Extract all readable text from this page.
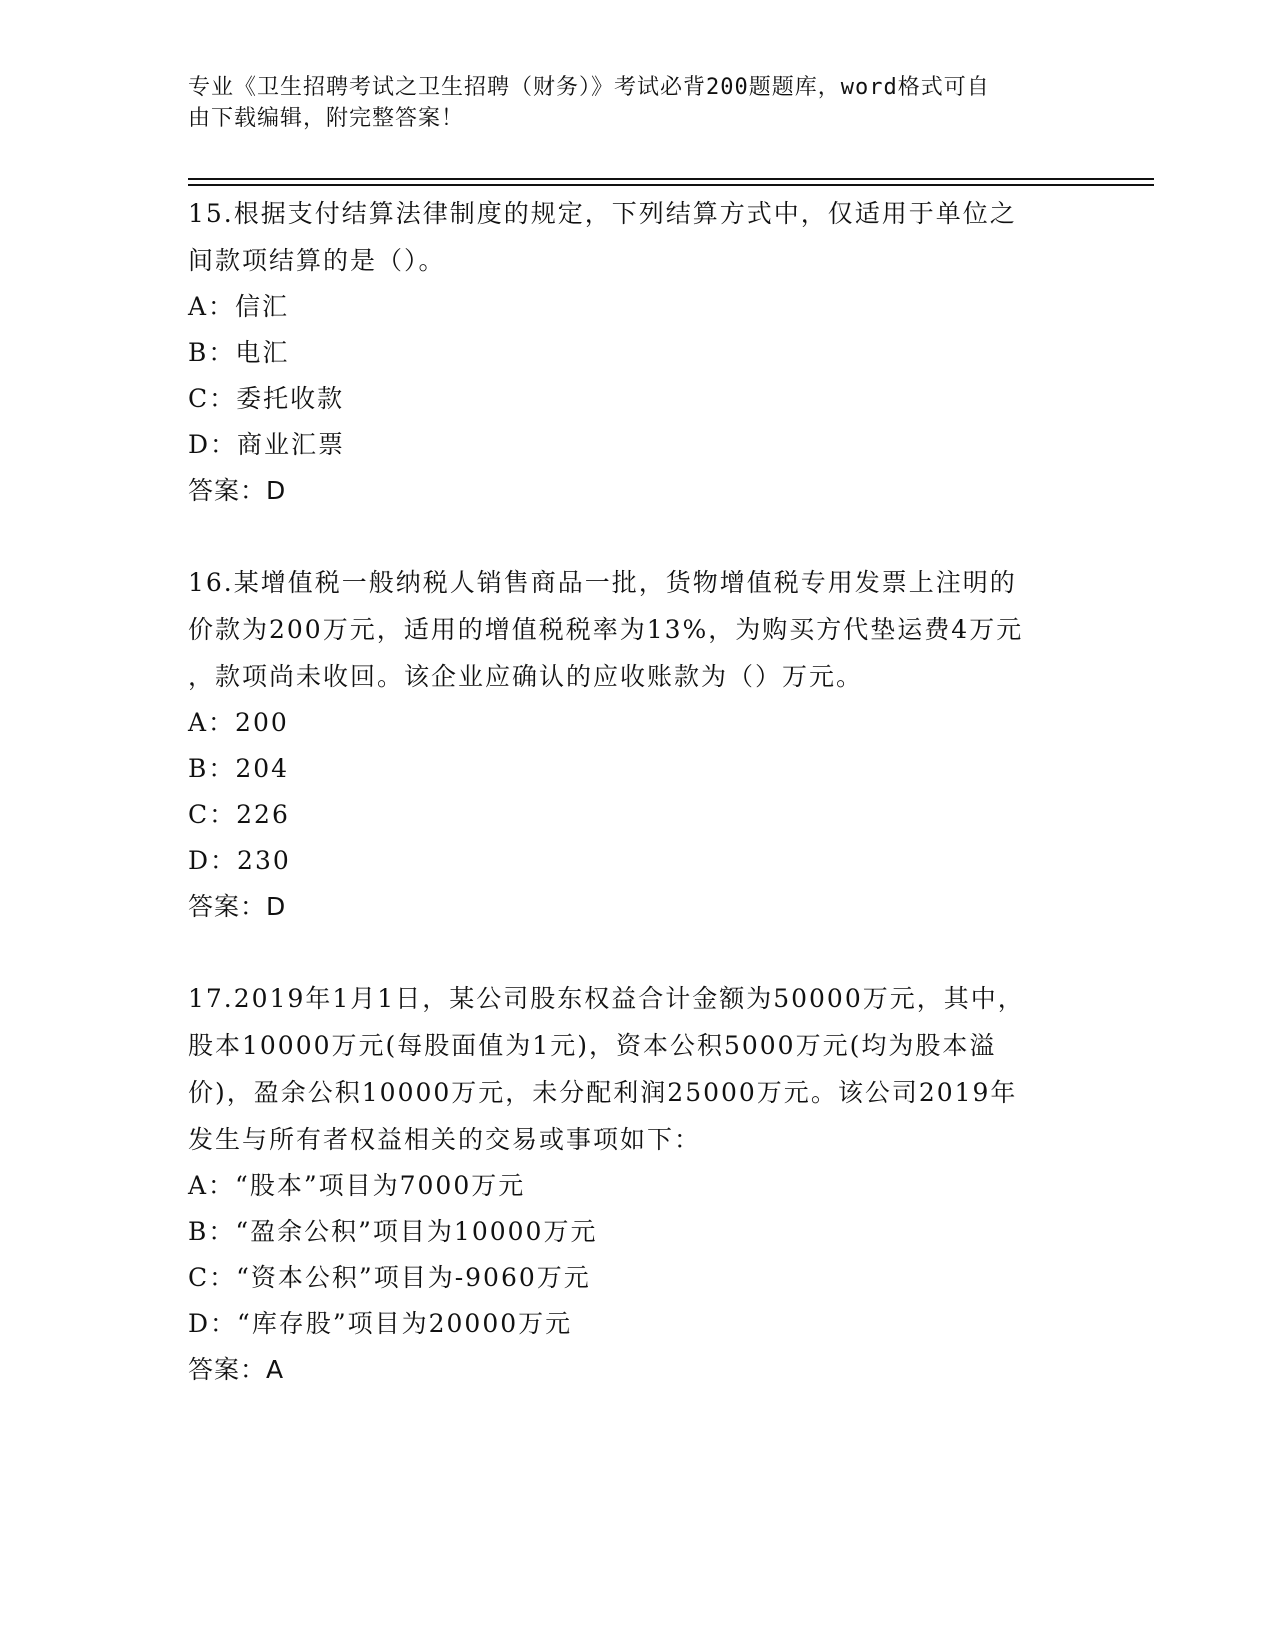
专业《卫生招聘考试之卫生招聘（财务）》考试必背200题题库，word格式可自
由下载编辑，附完整答案！

15.根据支付结算法律制度的规定，下列结算方式中，仅适用于单位之

间款项结算的是（）。

A：信汇

B：电汇

C：委托收款

D：商业汇票

答案：D

16.某增值税一般纳税人销售商品一批，货物增值税专用发票上注明的

价款为200万元，适用的增值税税率为13%，为购买方代垫运费4万元

，款项尚未收回。该企业应确认的应收账款为（）万元。

A：200

B：204

C：226

D：230

答案：D

17.2019年1月1日，某公司股东权益合计金额为50000万元，其中，

股本10000万元(每股面值为1元)，资本公积5000万元(均为股本溢

价)，盈余公积10000万元，未分配利润25000万元。该公司2019年

发生与所有者权益相关的交易或事项如下：

A：“股本”项目为7000万元

B：“盈余公积”项目为10000万元

C：“资本公积”项目为-9060万元

D：“库存股”项目为20000万元

答案：A
